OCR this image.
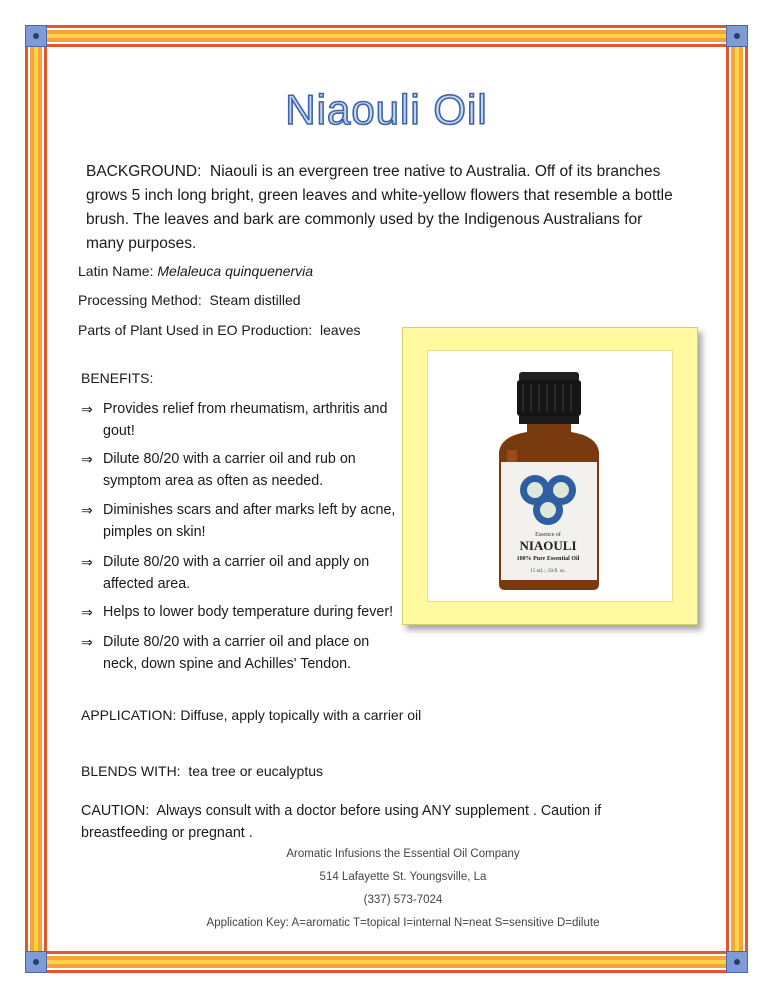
Niaouli Oil
BACKGROUND: Niaouli is an evergreen tree native to Australia. Off of its branches grows 5 inch long bright, green leaves and white-yellow flowers that resemble a bottle brush. The leaves and bark are commonly used by the Indigenous Australians for many purposes.
Latin Name: Melaleuca quinquenervia
Processing Method: Steam distilled
Parts of Plant Used in EO Production: leaves
BENEFITS:
⇒ Provides relief from rheumatism, arthritis and gout!
⇒ Dilute 80/20 with a carrier oil and rub on symptom area as often as needed.
⇒ Diminishes scars and after marks left by acne, pimples on skin!
⇒ Dilute 80/20 with a carrier oil and apply on affected area.
⇒ Helps to lower body temperature during fever!
⇒ Dilute 80/20 with a carrier oil and place on neck, down spine and Achilles' Tendon.
APPLICATION: Diffuse, apply topically with a carrier oil
BLENDS WITH: tea tree or eucalyptus
CAUTION: Always consult with a doctor before using ANY supplement . Caution if breastfeeding or pregnant .
Aromatic Infusions the Essential Oil Company
514 Lafayette St. Youngsville, La
(337) 573-7024
Application Key: A=aromatic T=topical I=internal N=neat S=sensitive D=dilute
Essence of
NIAOULI
100% Pure Essential Oil
15 mL | .50 fl. oz.
